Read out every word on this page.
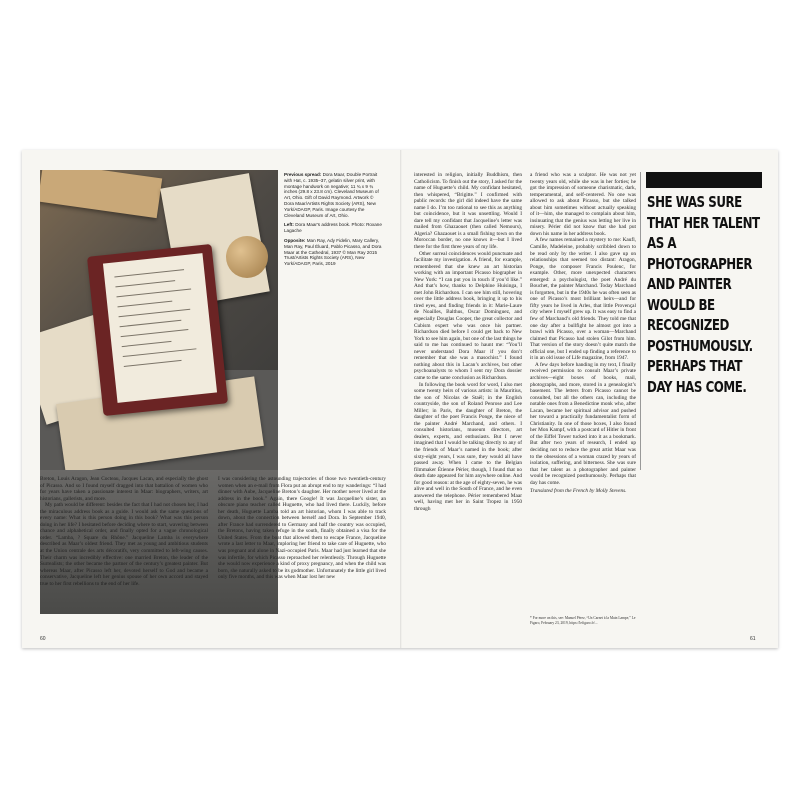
Previous spread: Dora Maar, Double Portrait with Hat, c. 1935–37, gelatin silver print, with montage handwork on negative; 11 ¾ x 9 ¾ inches (29.8 x 23.8 cm). Cleveland Museum of Art, Ohio. Gift of David Raymond. Artwork © Dora Maar/Artists Rights Society (ARS), New York/ADAGP, Paris. Image courtesy the Cleveland Museum of Art, Ohio.

Left: Dora Maar's address book. Photo: Roxane Lagache

Opposite: Man Ray, Ady Fidelin, Mary Callery, Man Ray, Paul Éluard, Pablo Picasso, and Dora Maar at the Cathedral, 1937 © Man Ray 2015 Trust/Artists Rights Society (ARS), New York/ADAGP, Paris, 2019

Breton, Louis Aragon, Jean Cocteau, Jacques Lacan, and especially the ghost of Picasso. And so I found myself dragged into that battalion of women who for years have taken a passionate interest in Maar: biographers, writers, art historians, gallerists, and more.

My path would be different: besides the fact that I had not chosen her, I had the miraculous address book as a guide. I would ask the same questions of every name: What is this person doing in this book? What was this person doing in her life? I hesitated before deciding where to start, wavering between chance and alphabetical order, and finally opted for a vague chronological order. “Lamba, ? Square du Rhône.” Jacqueline Lamba is everywhere described as Maar’s oldest friend. They met as young and ambitious students at the Union centrale des arts décoratifs, very committed to left-wing causes. Their charm was incredibly effective: one married Breton, the leader of the Surrealists; the other became the partner of the century’s greatest painter. But whereas Maar, after Picasso left her, devoted herself to God and became a conservative, Jacqueline left her genius spouse of her own accord and stayed true to her first rebellions to the end of her life.

I was considering the astounding trajectories of those two twentieth-century women when an e-mail from Flora put an abrupt end to my wanderings: “I had dinner with Aube, Jacqueline Breton’s daughter. Her mother never lived at the address in the book.” Again, there Google! It was Jacqueline’s sister, an obscure piano teacher called Huguette, who had lived there. Luckily, before her death, Huguette Lamba told an art historian, whom I was able to track down, about the connection between herself and Dora. In September 1940, after France had surrendered to Germany and half the country was occupied, the Bretons, having taken refuge in the south, finally obtained a visa for the United States. From the boat that allowed them to escape France, Jacqueline wrote a last letter to Maar, imploring her friend to take care of Huguette, who was pregnant and alone in Nazi-occupied Paris. Maar had just learned that she was infertile, for which Picasso reproached her relentlessly. Through Huguette she would now experience a kind of proxy pregnancy, and when the child was born, she naturally asked to be its godmother. Unfortunately the little girl lived only five months, and this was when Maar lost her new

60

interested in religion, initially Buddhism, then Catholicism. To finish out the story, I asked for the name of Huguette’s child. My confidant hesitated, then whispered, “Brigitte.” I confirmed with public records: the girl did indeed have the same name I do. I’m too rational to see this as anything but coincidence, but it was unsettling. Would I dare tell my confidant that Jacqueline’s letter was mailed from Ghazaouet (then called Nemours), Algeria? Ghazaouet is a small fishing town on the Moroccan border, no one knows it—but I lived there for the first three years of my life.

Other surreal coincidences would punctuate and facilitate my investigation. A friend, for example, remembered that she knew an art historian working with an important Picasso biographer in New York: “I can put you in touch if you’d like.” And that’s how, thanks to Delphine Huisinga, I met John Richardson. I can see him still, hovering over the little address book, bringing it up to his tired eyes, and finding friends in it: Marie-Laure de Noailles, Balthus, Oscar Domínguez, and especially Douglas Cooper, the great collector and Cubism expert who was once his partner. Richardson died before I could get back to New York to see him again, but one of the last things he said to me has continued to haunt me: “You’ll never understand Dora Maar if you don’t remember that she was a masochist.” I found nothing about this in Lacan’s archives, but other psychoanalysts to whom I sent my Dora dossier came to the same conclusion as Richardson.

In following the book word for word, I also met some twenty heirs of various artists: in Mauritius, the son of Nicolas de Staël; in the English countryside, the son of Roland Penrose and Lee Miller; in Paris, the daughter of Breton, the daughter of the poet Francis Ponge, the niece of the painter André Marchand, and others. I consulted historians, museum directors, art dealers, experts, and enthusiasts. But I never imagined that I would be talking directly to any of the friends of Maar’s named in the book; after sixty-eight years, I was sure, they would all have passed away. When I came to the Belgian filmmaker Étienne Périer, though, I found that no death date appeared for him anywhere online. And for good reason: at the age of eighty-seven, he was alive and well in the South of France, and he even answered the telephone. Périer remembered Maar well, having met her in Saint Tropez in 1950 through

a friend who was a sculptor. He was not yet twenty years old, while she was in her forties; he got the impression of someone charismatic, dark, temperamental, and self-centered. No one was allowed to ask about Picasso, but she talked about him sometimes without actually speaking of it—him, she managed to complain about him, insinuating that the genius was letting her live in misery. Périer did not know that she had put down his name in her address book.

A few names remained a mystery to me: Kaufl, Camille, Madeleine, probably scribbled down to be read only by the writer. I also gave up on relationships that seemed too distant: Aragon, Ponge, the composer Francis Poulenc, for example. Other, more unexpected characters emerged: a psychologist, the poet André du Bouchet, the painter Marchand. Today Marchand is forgotten, but in the 1940s he was often seen as one of Picasso’s most brilliant heirs—and for fifty years he lived in Arles, that little Provençal city where I myself grew up. It was easy to find a few of Marchand’s old friends. They told me that one day after a bullfight he almost got into a brawl with Picasso, over a woman—Marchand claimed that Picasso had stolen Gilot from him. That version of the story doesn’t quite match the official one, but I ended up finding a reference to it in an old issue of Life magazine, from 1947.

A few days before handing in my text, I finally received permission to consult Maar’s private archives—eight boxes of books, mail, photographs, and more, stored in a genealogist’s basement. The letters from Picasso cannot be consulted, but all the others can, including the notable ones from a Benedictine monk who, after Lacan, became her spiritual advisor and pushed her toward a practically fundamentalist form of Christianity. In one of those boxes, I also found her Mon Kampf, with a postcard of Hitler in front of the Eiffel Tower tucked into it as a bookmark. But after two years of research, I ended up deciding not to reduce the great artist Maar was to the obsessions of a woman crazed by years of isolation, suffering, and bitterness. She was sure that her talent as a photographer and painter would be recognized posthumously. Perhaps that day has come.

Translated from the French by Molly Stevens.

* For more on this, see: Manuel Pérez, “Un Carnet à la Main Lampe,” Le Figaro, February 23, 2019, https://lefigaro.fr/...
SHE WAS SURE THAT HER TALENT AS A PHOTOGRAPHER AND PAINTER WOULD BE RECOGNIZED POSTHUMOUSLY. PERHAPS THAT DAY HAS COME.
61
